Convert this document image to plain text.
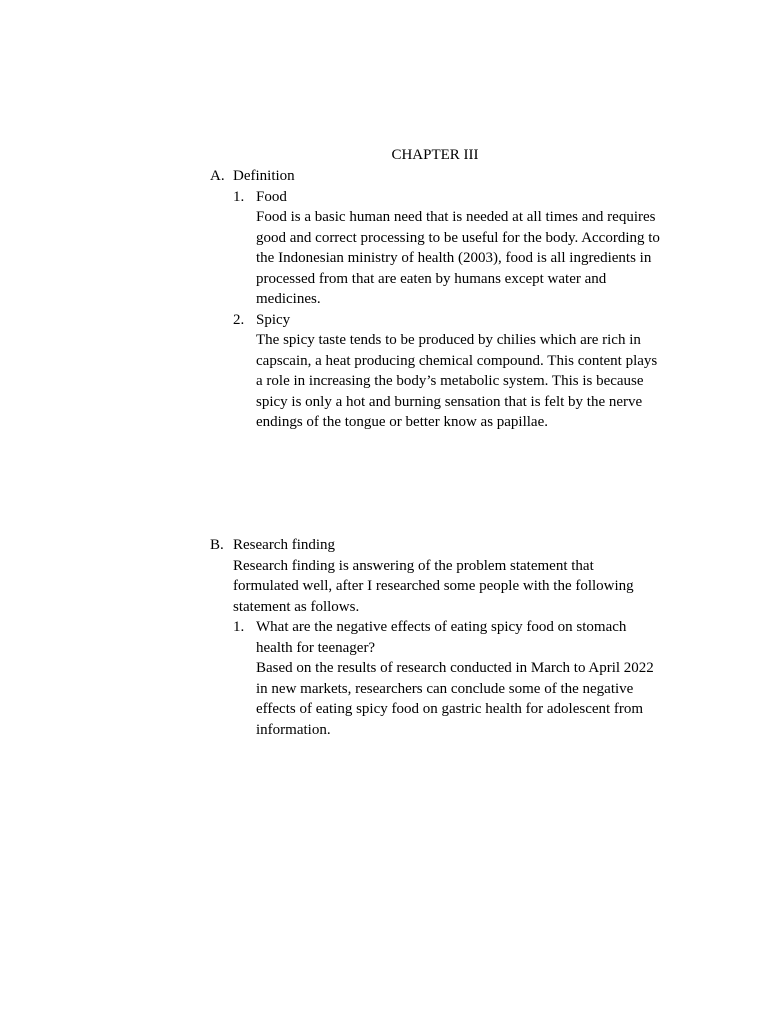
CHAPTER III
A. Definition
1. Food

Food is a basic human need that is needed at all times and requires good and correct processing to be useful for the body. According to the Indonesian ministry of health (2003), food is all ingredients in processed from that are eaten by humans except water and medicines.

2. Spicy

The spicy taste tends to be produced by chilies which are rich in capscain, a heat producing chemical compound. This content plays a role in increasing the body’s metabolic system. This is because spicy is only a hot and burning sensation that is felt by the nerve endings of the tongue or better know as papillae.

B. Research finding

Research finding is answering of the problem statement that formulated well, after I researched some people with the following statement as follows.

1. What are the negative effects of eating spicy food on stomach health for teenager?

Based on the results of research conducted in March to April 2022 in new markets, researchers can conclude some of the negative effects of eating spicy food on gastric health for adolescent from information.
